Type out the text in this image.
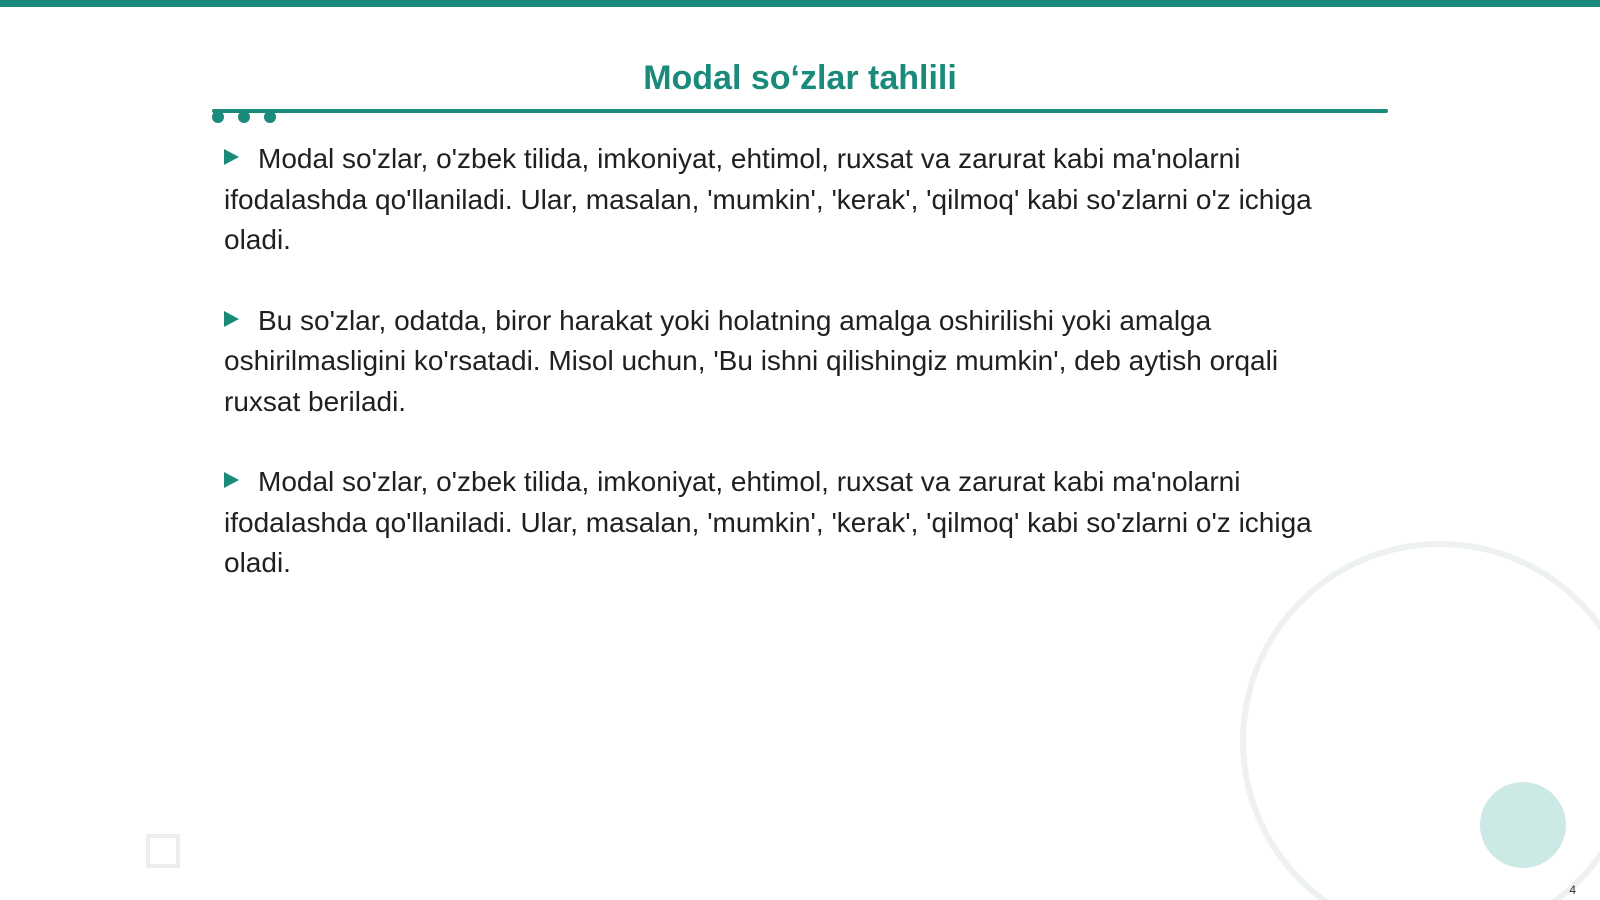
Modal so‘zlar tahlili

Modal so'zlar, o'zbek tilida, imkoniyat, ehtimol, ruxsat va zarurat kabi ma'nolarni ifodalashda qo'llaniladi. Ular, masalan, 'mumkin', 'kerak', 'qilmoq' kabi so'zlarni o'z ichiga oladi.

Bu so'zlar, odatda, biror harakat yoki holatning amalga oshirilishi yoki amalga oshirilmasligini ko'rsatadi. Misol uchun, 'Bu ishni qilishingiz mumkin', deb aytish orqali ruxsat beriladi.

Modal so'zlar, o'zbek tilida, imkoniyat, ehtimol, ruxsat va zarurat kabi ma'nolarni ifodalashda qo'llaniladi. Ular, masalan, 'mumkin', 'kerak', 'qilmoq' kabi so'zlarni o'z ichiga oladi.

4
